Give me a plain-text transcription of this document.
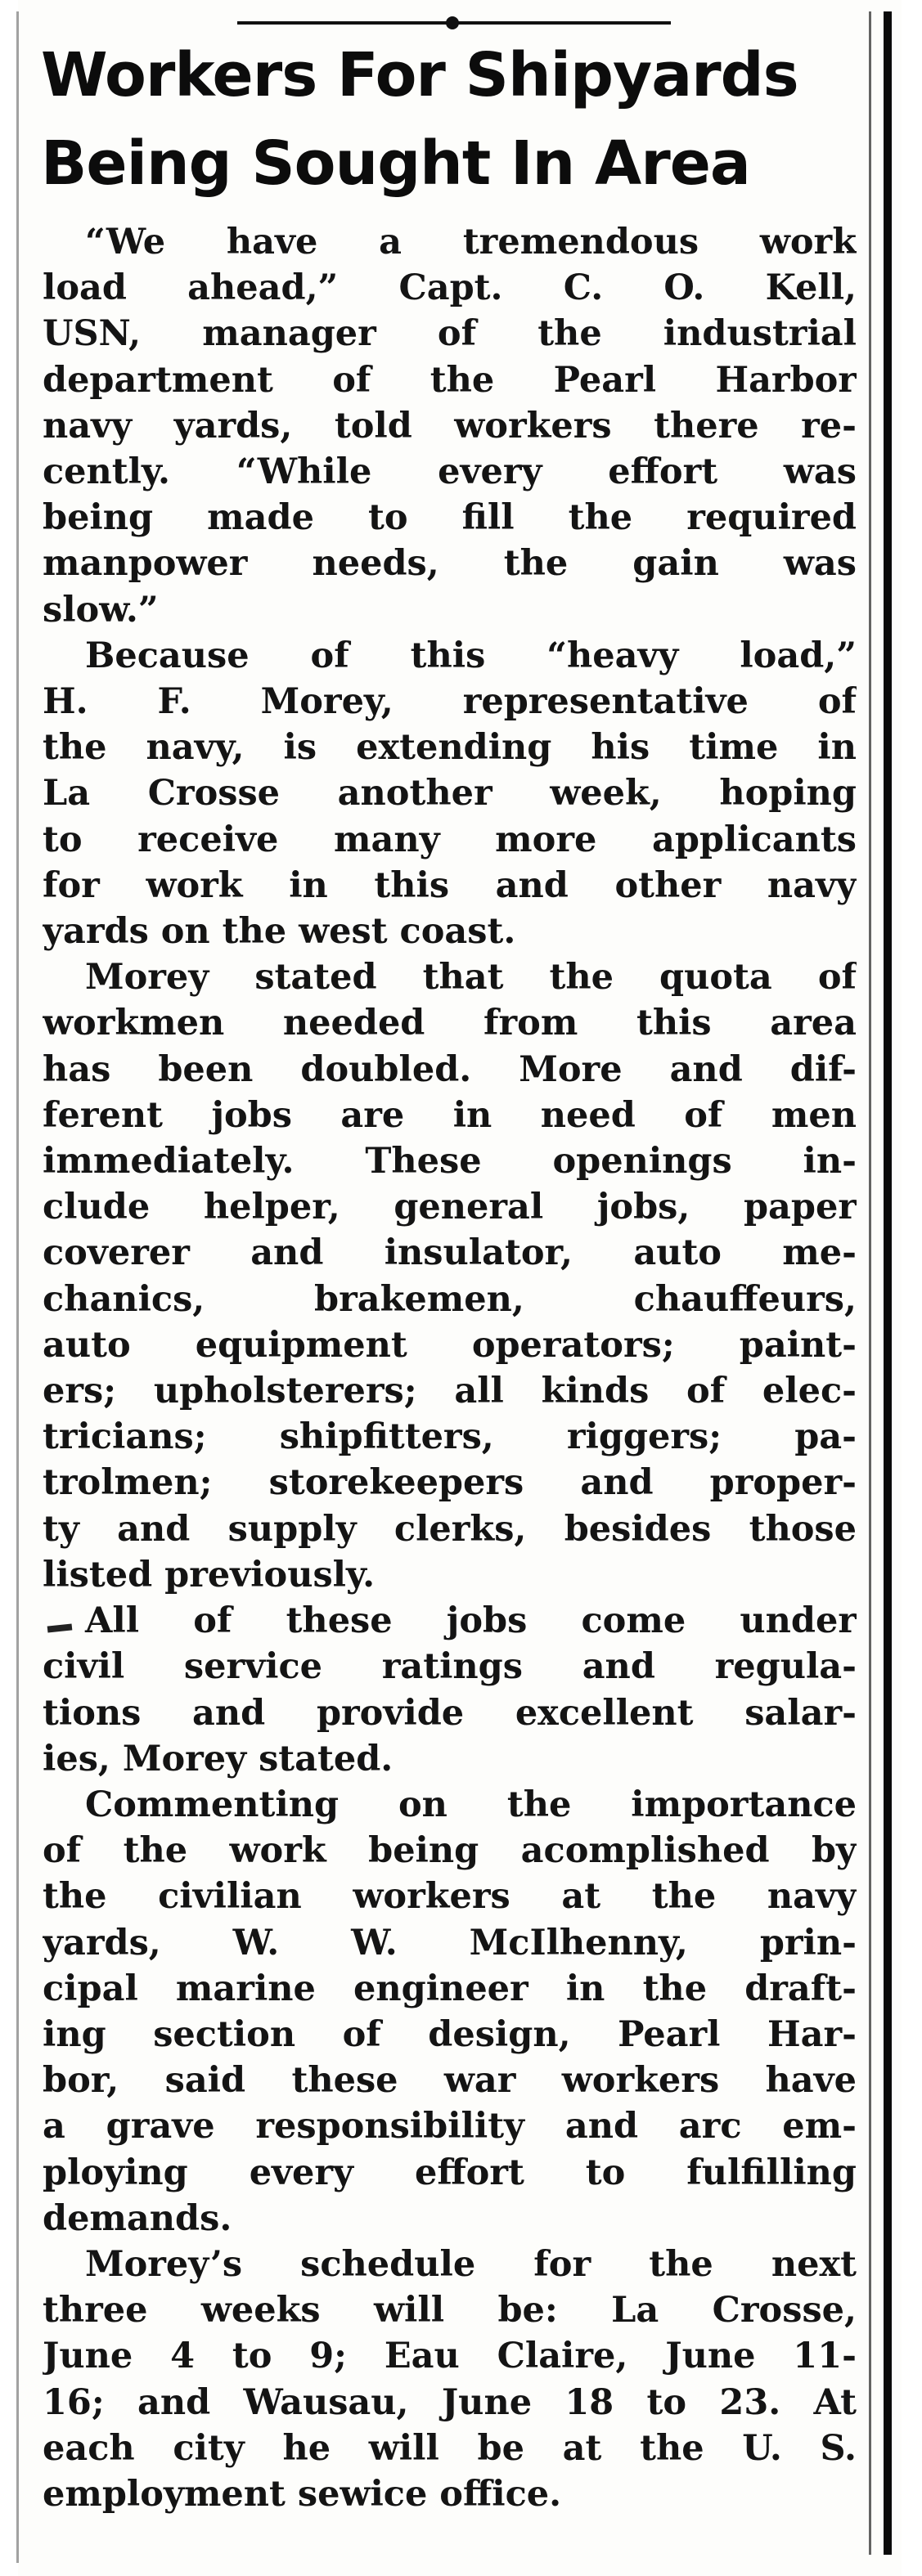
Workers For Shipyards
Being Sought In Area
“We have a tremendous work
load ahead,” Capt. C. O. Kell,
USN, manager of the industrial
department of the Pearl Harbor
navy yards, told workers there re-
cently. “While every effort was
being made to fill the required
manpower needs, the gain was
slow.”
Because of this “heavy load,”
H. F. Morey, representative of
the navy, is extending his time in
La Crosse another week, hoping
to receive many more applicants
for work in this and other navy
yards on the west coast.
Morey stated that the quota of
workmen needed from this area
has been doubled. More and dif-
ferent jobs are in need of men
immediately. These openings in-
clude helper, general jobs, paper
coverer and insulator, auto me-
chanics, brakemen, chauffeurs,
auto equipment operators; paint-
ers; upholsterers; all kinds of elec-
tricians; shipfitters, riggers; pa-
trolmen; storekeepers and proper-
ty and supply clerks, besides those
listed previously.
All of these jobs come under
civil service ratings and regula-
tions and provide excellent salar-
ies, Morey stated.
Commenting on the importance
of the work being acomplished by
the civilian workers at the navy
yards, W. W. McIlhenny, prin-
cipal marine engineer in the draft-
ing section of design, Pearl Har-
bor, said these war workers have
a grave responsibility and arc em-
ploying every effort to fulfilling
demands.
Morey’s schedule for the next
three weeks will be: La Crosse,
June 4 to 9; Eau Claire, June 11-
16; and Wausau, June 18 to 23. At
each city he will be at the U. S.
employment sewice office.
